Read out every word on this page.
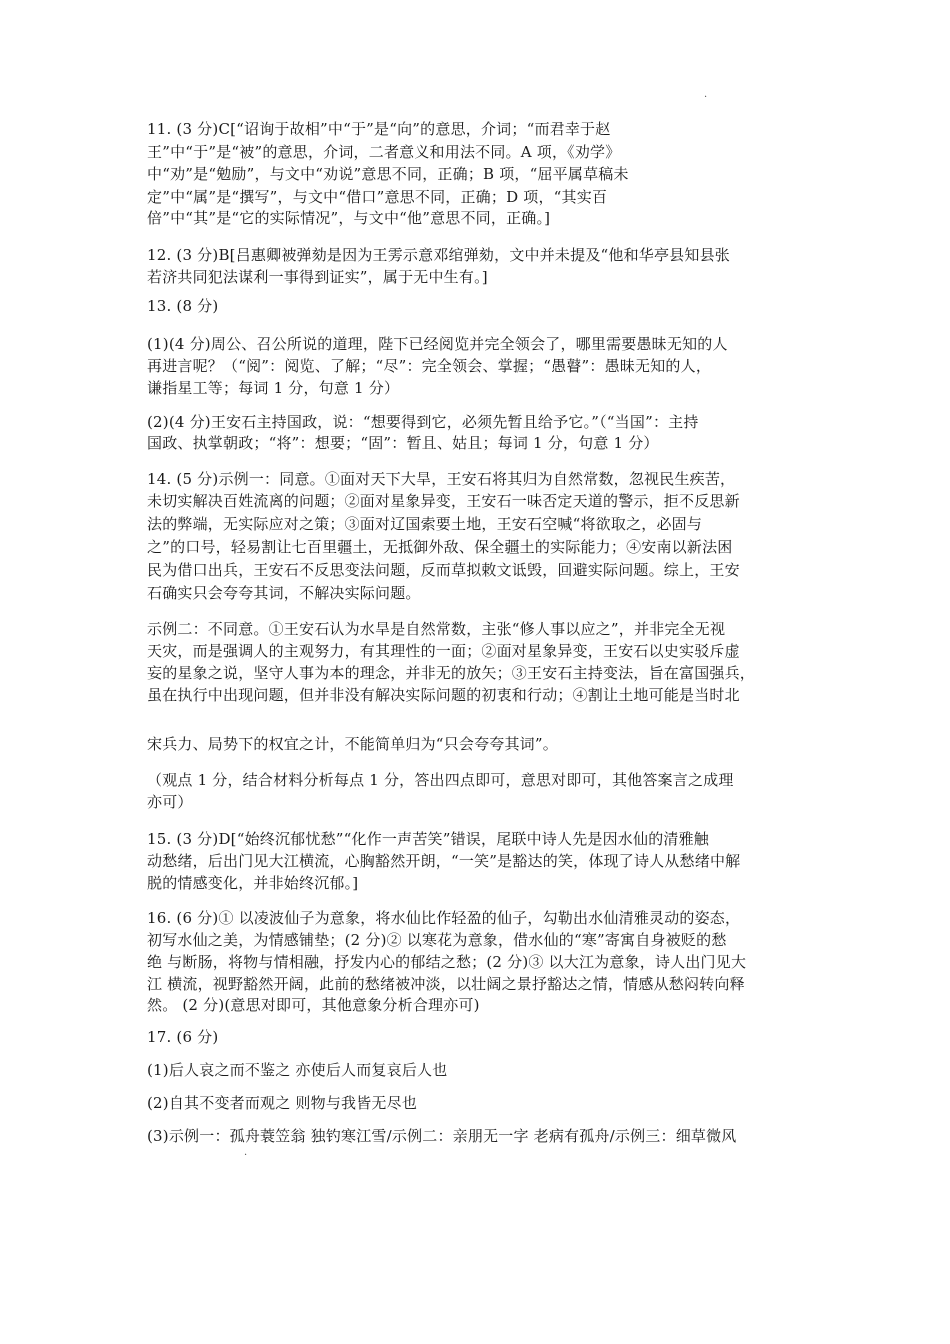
·
11. (3 分)C[“诏询于故相”中“于”是“向”的意思，介词；“而君幸于赵
王”中“于”是“被”的意思，介词，二者意义和用法不同。A 项，《劝学》
中“劝”是“勉励”，与文中“劝说”意思不同，正确；B 项，“屈平属草稿未
定”中“属”是“撰写”，与文中“借口”意思不同，正确；D 项，“其实百
倍”中“其”是“它的实际情况”，与文中“他”意思不同，正确。]
12. (3 分)B[吕惠卿被弹劾是因为王雱示意邓绾弹劾，文中并未提及“他和华亭县知县张
若济共同犯法谋利一事得到证实”，属于无中生有。]
13. (8 分)
(1)(4 分)周公、召公所说的道理，陛下已经阅览并完全领会了，哪里需要愚昧无知的人
再进言呢？（“阅”：阅览、了解；“尽”：完全领会、掌握；“愚瞽”：愚昧无知的人，
谦指星工等；每词 1 分，句意 1 分）
(2)(4 分)王安石主持国政，说：“想要得到它，必须先暂且给予它。”（“当国”：主持
国政、执掌朝政；“将”：想要；“固”：暂且、姑且；每词 1 分，句意 1 分）
14. (5 分)示例一：同意。①面对天下大旱，王安石将其归为自然常数，忽视民生疾苦，
未切实解决百姓流离的问题；②面对星象异变，王安石一味否定天道的警示，拒不反思新
法的弊端，无实际应对之策；③面对辽国索要土地，王安石空喊“将欲取之，必固与
之”的口号，轻易割让七百里疆土，无抵御外敌、保全疆土的实际能力；④安南以新法困
民为借口出兵，王安石不反思变法问题，反而草拟敕文诋毁，回避实际问题。综上，王安
石确实只会夸夸其词，不解决实际问题。
示例二：不同意。①王安石认为水旱是自然常数，主张“修人事以应之”，并非完全无视
天灾，而是强调人的主观努力，有其理性的一面；②面对星象异变，王安石以史实驳斥虚
妄的星象之说，坚守人事为本的理念，并非无的放矢；③王安石主持变法，旨在富国强兵，
虽在执行中出现问题，但并非没有解决实际问题的初衷和行动；④割让土地可能是当时北
宋兵力、局势下的权宜之计，不能简单归为“只会夸夸其词”。
（观点 1 分，结合材料分析每点 1 分，答出四点即可，意思对即可，其他答案言之成理
亦可）
15. (3 分)D[“始终沉郁忧愁”“化作一声苦笑”错误，尾联中诗人先是因水仙的清雅触
动愁绪，后出门见大江横流，心胸豁然开朗，“一笑”是豁达的笑，体现了诗人从愁绪中解
脱的情感变化，并非始终沉郁。]
16. (6 分)① 以凌波仙子为意象，将水仙比作轻盈的仙子，勾勒出水仙清雅灵动的姿态，
初写水仙之美，为情感铺垫；(2 分)② 以寒花为意象，借水仙的“寒”寄寓自身被贬的愁
绝 与断肠，将物与情相融，抒发内心的郁结之愁；(2 分)③ 以大江为意象，诗人出门见大
江 横流，视野豁然开阔，此前的愁绪被冲淡，以壮阔之景抒豁达之情，情感从愁闷转向释
然。 (2 分)(意思对即可，其他意象分析合理亦可)
17. (6 分)
(1)后人哀之而不鉴之 亦使后人而复哀后人也
(2)自其不变者而观之 则物与我皆无尽也
(3)示例一：孤舟蓑笠翁 独钓寒江雪/示例二：亲朋无一字 老病有孤舟/示例三：细草微风
·
